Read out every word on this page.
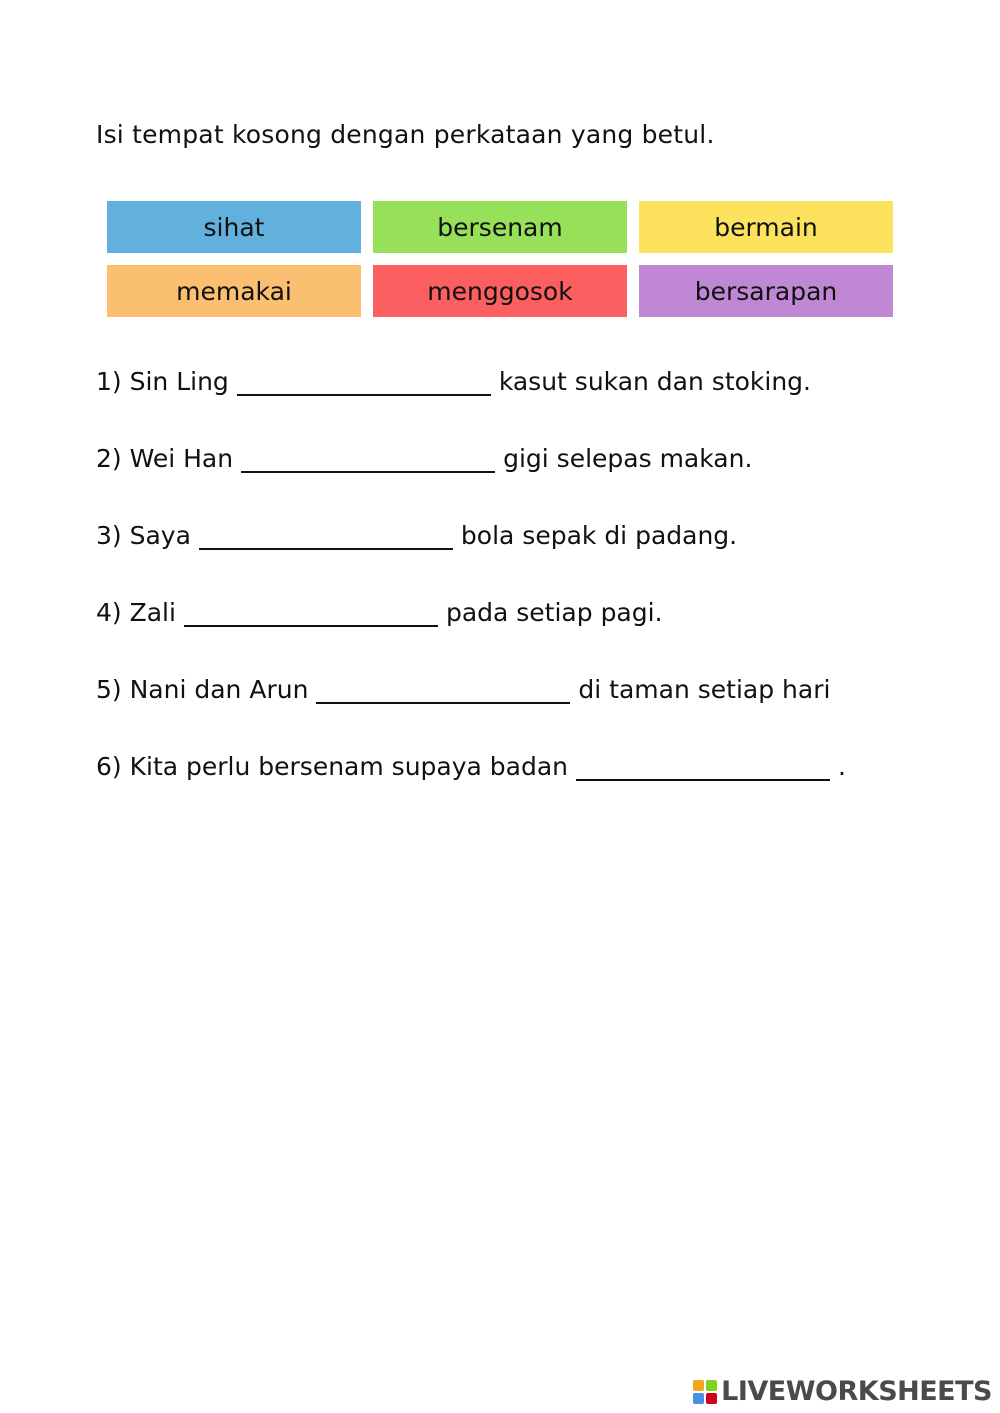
Isi tempat kosong dengan perkataan yang betul.
sihat	bersenam	bermain
memakai	menggosok	bersarapan
1) Sin Ling	kasut sukan dan stoking.
2) Wei Han	gigi selepas makan.
3) Saya	bola sepak di padang.
4) Zali	pada setiap pagi.
5) Nani dan Arun	di taman setiap hari
6) Kita perlu bersenam supaya badan	.
LIVEWORKSHEETS
